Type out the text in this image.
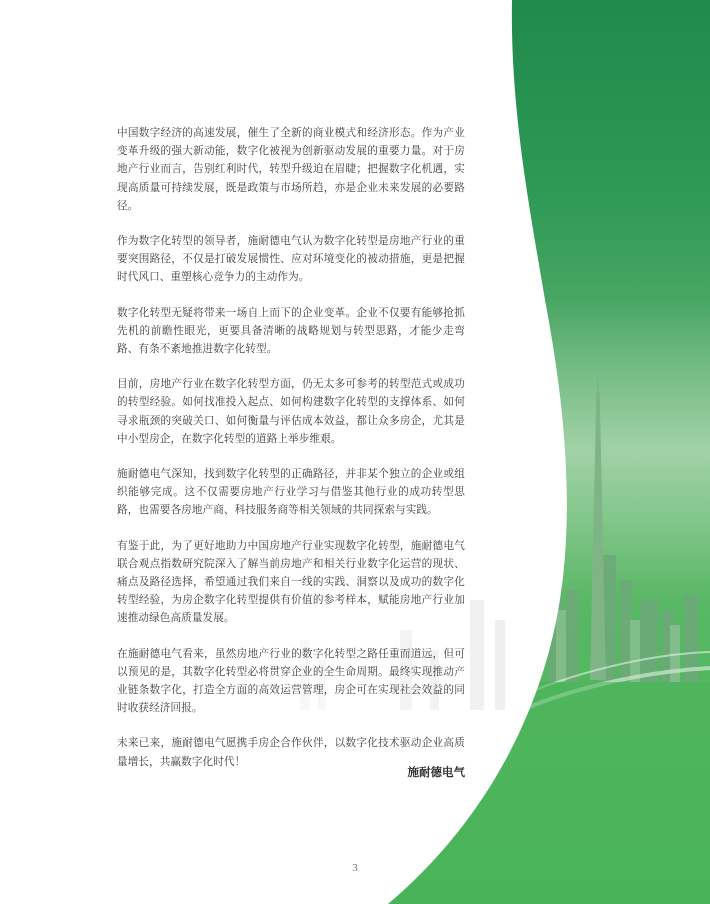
中国数字经济的高速发展，催生了全新的商业模式和经济形态。作为产业变革升级的强大新动能，数字化被视为创新驱动发展的重要力量。对于房地产行业而言，告别红利时代，转型升级迫在眉睫；把握数字化机遇，实现高质量可持续发展，既是政策与市场所趋，亦是企业未来发展的必要路径。

作为数字化转型的领导者，施耐德电气认为数字化转型是房地产行业的重要突围路径，不仅是打破发展惯性、应对环境变化的被动措施，更是把握时代风口、重塑核心竞争力的主动作为。

数字化转型无疑将带来一场自上而下的企业变革。企业不仅要有能够抢抓先机的前瞻性眼光，更要具备清晰的战略规划与转型思路，才能少走弯路、有条不紊地推进数字化转型。

目前，房地产行业在数字化转型方面，仍无太多可参考的转型范式或成功的转型经验。如何找准投入起点、如何构建数字化转型的支撑体系、如何寻求瓶颈的突破关口、如何衡量与评估成本效益，都让众多房企，尤其是中小型房企，在数字化转型的道路上举步维艰。

施耐德电气深知，找到数字化转型的正确路径，并非某个独立的企业或组织能够完成。这不仅需要房地产行业学习与借鉴其他行业的成功转型思路，也需要各房地产商、科技服务商等相关领域的共同探索与实践。

有鉴于此，为了更好地助力中国房地产行业实现数字化转型，施耐德电气联合观点指数研究院深入了解当前房地产和相关行业数字化运营的现状、痛点及路径选择，希望通过我们来自一线的实践、洞察以及成功的数字化转型经验，为房企数字化转型提供有价值的参考样本，赋能房地产行业加速推动绿色高质量发展。

在施耐德电气看来，虽然房地产行业的数字化转型之路任重而道远，但可以预见的是，其数字化转型必将贯穿企业的全生命周期。最终实现推动产业链条数字化，打造全方面的高效运营管理，房企可在实现社会效益的同时收获经济回报。

未来已来，施耐德电气愿携手房企合作伙伴，以数字化技术驱动企业高质量增长，共赢数字化时代！

施耐德电气
3
